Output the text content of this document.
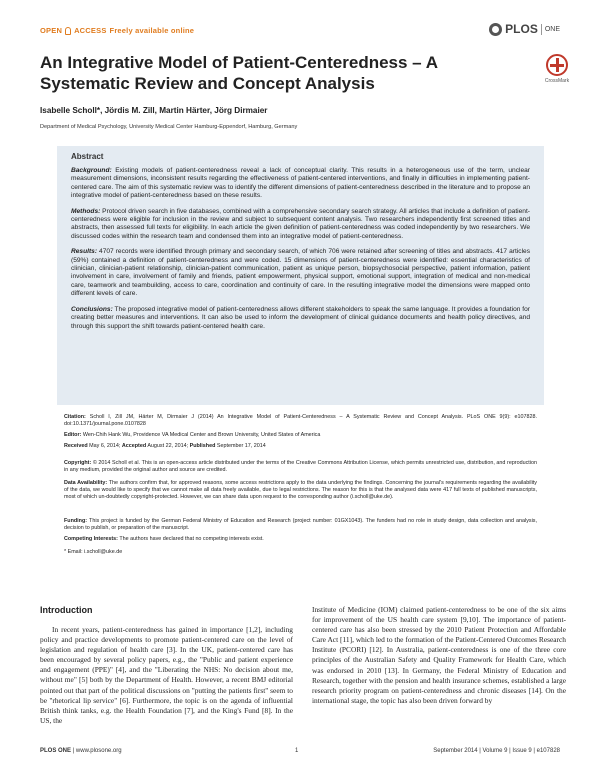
OPEN ACCESS Freely available online	PLOS ONE
An Integrative Model of Patient-Centeredness – A Systematic Review and Concept Analysis	CrossMark
Isabelle Scholl*, Jördis M. Zill, Martin Härter, Jörg Dirmaier
Department of Medical Psychology, University Medical Center Hamburg-Eppendorf, Hamburg, Germany
Abstract

Background: Existing models of patient-centeredness reveal a lack of conceptual clarity. This results in a heterogeneous use of the term, unclear measurement dimensions, inconsistent results regarding the effectiveness of patient-centered interventions, and finally in difficulties in implementing patient-centered care. The aim of this systematic review was to identify the different dimensions of patient-centeredness described in the literature and to propose an integrative model of patient-centeredness based on these results.

Methods: Protocol driven search in five databases, combined with a comprehensive secondary search strategy. All articles that include a definition of patient-centeredness were eligible for inclusion in the review and subject to subsequent content analysis. Two researchers independently first screened titles and abstracts, then assessed full texts for eligibility. In each article the given definition of patient-centeredness was coded independently by two researchers. We discussed codes within the research team and condensed them into an integrative model of patient-centeredness.

Results: 4707 records were identified through primary and secondary search, of which 706 were retained after screening of titles and abstracts. 417 articles (59%) contained a definition of patient-centeredness and were coded. 15 dimensions of patient-centeredness were identified: essential characteristics of clinician, clinician-patient relationship, clinician-patient communication, patient as unique person, biopsychosocial perspective, patient information, patient involvement in care, involvement of family and friends, patient empowerment, physical support, emotional support, integration of medical and non-medical care, teamwork and teambuilding, access to care, coordination and continuity of care. In the resulting integrative model the dimensions were mapped onto different levels of care.

Conclusions: The proposed integrative model of patient-centeredness allows different stakeholders to speak the same language. It provides a foundation for creating better measures and interventions. It can also be used to inform the development of clinical guidance documents and health policy directives, and through this support the shift towards patient-centered health care.

Citation: Scholl I, Zill JM, Härter M, Dirmaier J (2014) An Integrative Model of Patient-Centeredness – A Systematic Review and Concept Analysis. PLoS ONE 9(9): e107828. doi:10.1371/journal.pone.0107828
Editor: Wen-Chih Hank Wu, Providence VA Medical Center and Brown University, United States of America
Received May 6, 2014; Accepted August 22, 2014; Published September 17, 2014
Copyright: © 2014 Scholl et al. This is an open-access article distributed under the terms of the Creative Commons Attribution License, which permits unrestricted use, distribution, and reproduction in any medium, provided the original author and source are credited.
Data Availability: The authors confirm that, for approved reasons, some access restrictions apply to the data underlying the findings. Concerning the journal's requirements regarding the availability of the data, we would like to specify that we cannot make all data freely available, due to legal restrictions. The reason for this is that the analysed data were 417 full texts of published manuscripts, most of which un-doubtedly copyright-protected. However, we can share data upon request to the corresponding author (i.scholl@uke.de).
Funding: This project is funded by the German Federal Ministry of Education and Research (project number: 01GX1043). The funders had no role in study design, data collection and analysis, decision to publish, or preparation of the manuscript.
Competing Interests: The authors have declared that no competing interests exist.
* Email: i.scholl@uke.de
Introduction
In recent years, patient-centeredness has gained in importance [1,2], including policy and practice developments to promote patient-centered care on the level of legislation and regulation of health care [3]. In the UK, patient-centered care has been encouraged by several policy papers, e.g., the "Public and patient experience and engagement (PPE)" [4], and the "Liberating the NHS: No decision about me, without me" [5] both by the Department of Health. However, a recent BMJ editorial pointed out that part of the political discussions on "putting the patients first" seem to be "rhetorical lip service" [6]. Furthermore, the topic is on the agenda of influential British think tanks, e.g. the Health Foundation [7], and the King's Fund [8]. In the US, the
Institute of Medicine (IOM) claimed patient-centeredness to be one of the six aims for improvement of the US health care system [9,10]. The importance of patient-centered care has also been stressed by the 2010 Patient Protection and Affordable Care Act [11], which led to the formation of the Patient-Centered Outcomes Research Institute (PCORI) [12]. In Australia, patient-centeredness is one of the three core principles of the Australian Safety and Quality Framework for Health Care, which was endorsed in 2010 [13]. In Germany, the Federal Ministry of Education and Research, together with the pension and health insurance schemes, established a large research priority program on patient-centeredness and chronic diseases [14]. On the international stage, the topic has also been driven forward by
PLOS ONE | www.plosone.org	1	September 2014 | Volume 9 | Issue 9 | e107828
